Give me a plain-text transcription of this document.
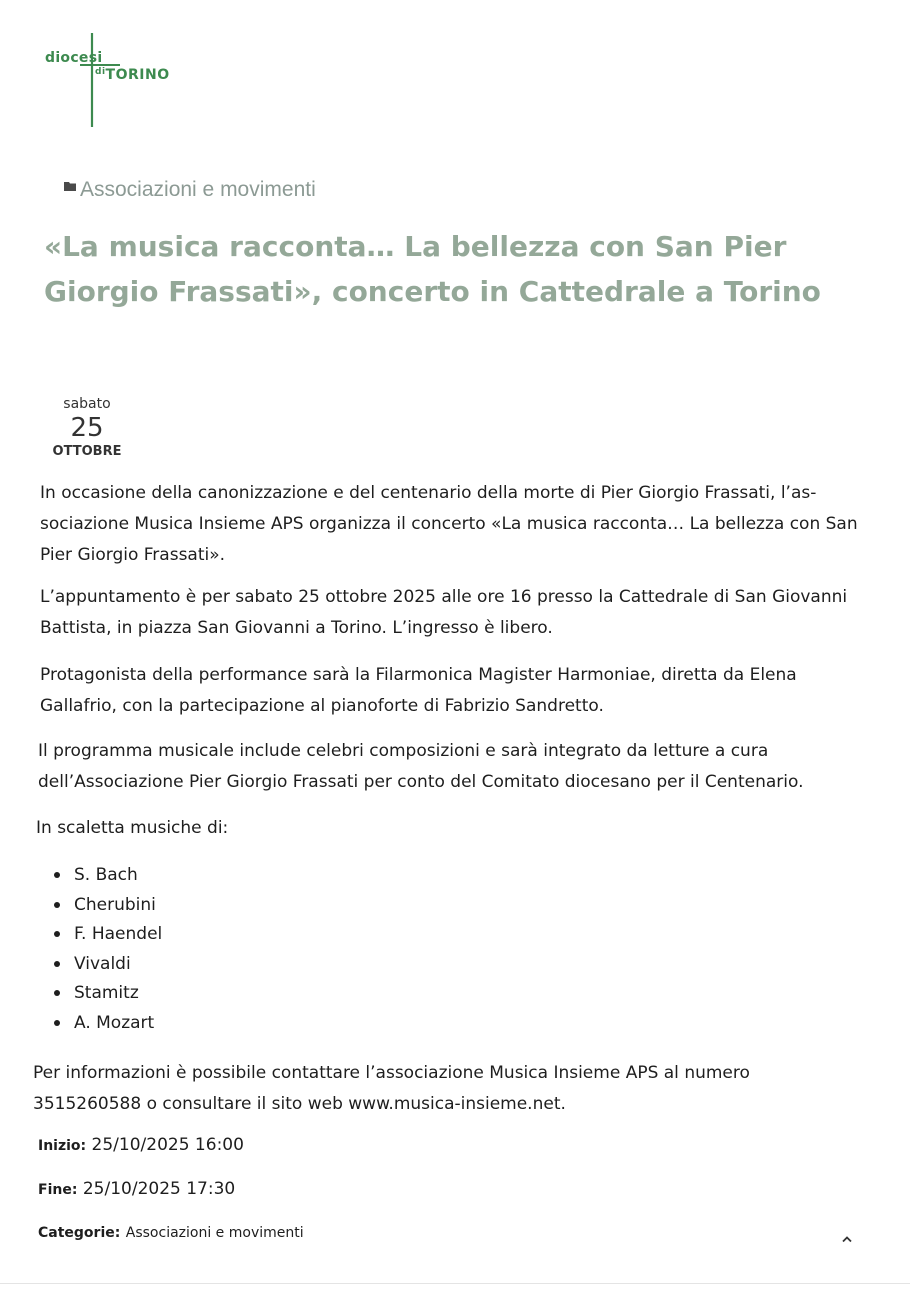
diocesi
$^{di}$TORINO
Associazioni e movimenti
«La musica racconta… La bellezza con San Pier Giorgio Frassati», concerto in Cattedrale a Torino
sabato
25
OTTOBRE

In occasione della canonizzazione e del centenario della morte di Pier Giorgio Frassati, l’associazione Musica Insieme APS organizza il concerto «La musica racconta… La bellezza con San Pier Giorgio Frassati».

L’appuntamento è per sabato 25 ottobre 2025 alle ore 16 presso la Cattedrale di San Giovanni Battista, in piazza San Giovanni a Torino. L’ingresso è libero.

Protagonista della performance sarà la Filarmonica Magister Harmoniae, diretta da Elena Gallafrio, con la partecipazione al pianoforte di Fabrizio Sandretto.

Il programma musicale include celebri composizioni e sarà integrato da letture a cura dell’Associazione Pier Giorgio Frassati per conto del Comitato diocesano per il Centenario.

In scaletta musiche di:

S. Bach
Cherubini
F. Haendel
Vivaldi
Stamitz
A. Mozart

Per informazioni è possibile contattare l’associazione Musica Insieme APS al numero 3515260588 o consultare il sito web www.musica-insieme.net.

Inizio: 25/10/2025 16:00
Fine: 25/10/2025 17:30
Categorie: Associazioni e movimenti
